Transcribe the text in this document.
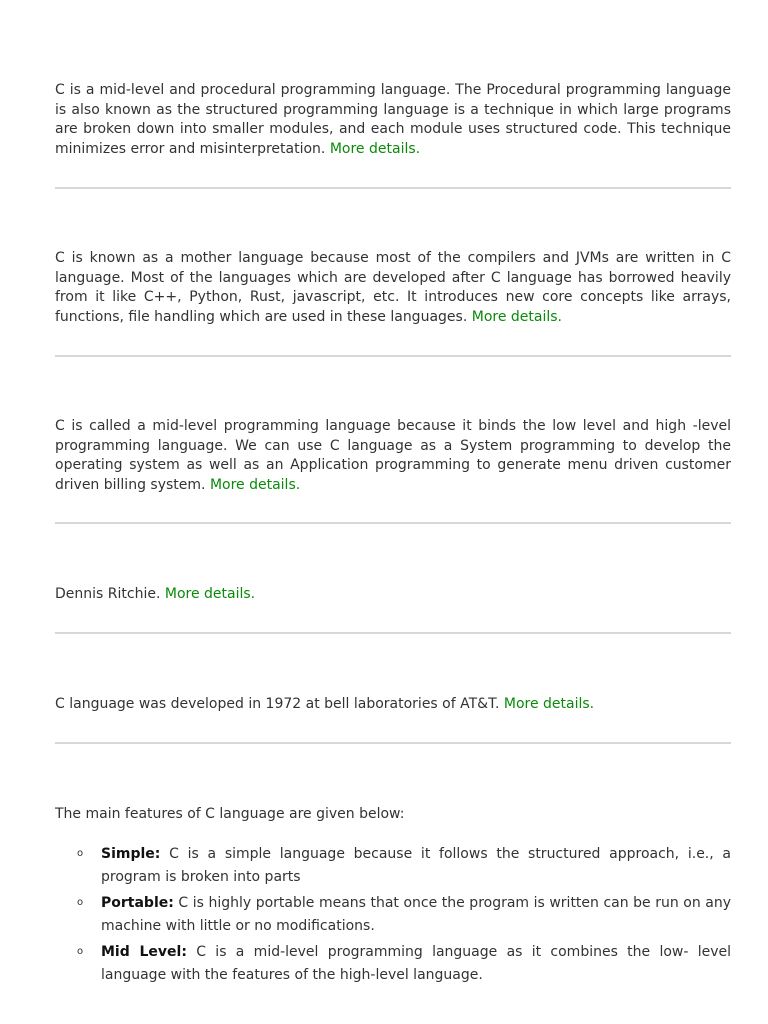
C is a mid-level and procedural programming language. The Procedural programming language is also known as the structured programming language is a technique in which large programs are broken down into smaller modules, and each module uses structured code. This technique minimizes error and misinterpretation. More details.

C is known as a mother language because most of the compilers and JVMs are written in C language. Most of the languages which are developed after C language has borrowed heavily from it like C++, Python, Rust, javascript, etc. It introduces new core concepts like arrays, functions, file handling which are used in these languages. More details.

C is called a mid-level programming language because it binds the low level and high -level programming language. We can use C language as a System programming to develop the operating system as well as an Application programming to generate menu driven customer driven billing system. More details.

Dennis Ritchie. More details.

C language was developed in 1972 at bell laboratories of AT&T. More details.

The main features of C language are given below:

o Simple: C is a simple language because it follows the structured approach, i.e., a program is broken into parts
o Portable: C is highly portable means that once the program is written can be run on any machine with little or no modifications.
o Mid Level: C is a mid-level programming language as it combines the low- level language with the features of the high-level language.
